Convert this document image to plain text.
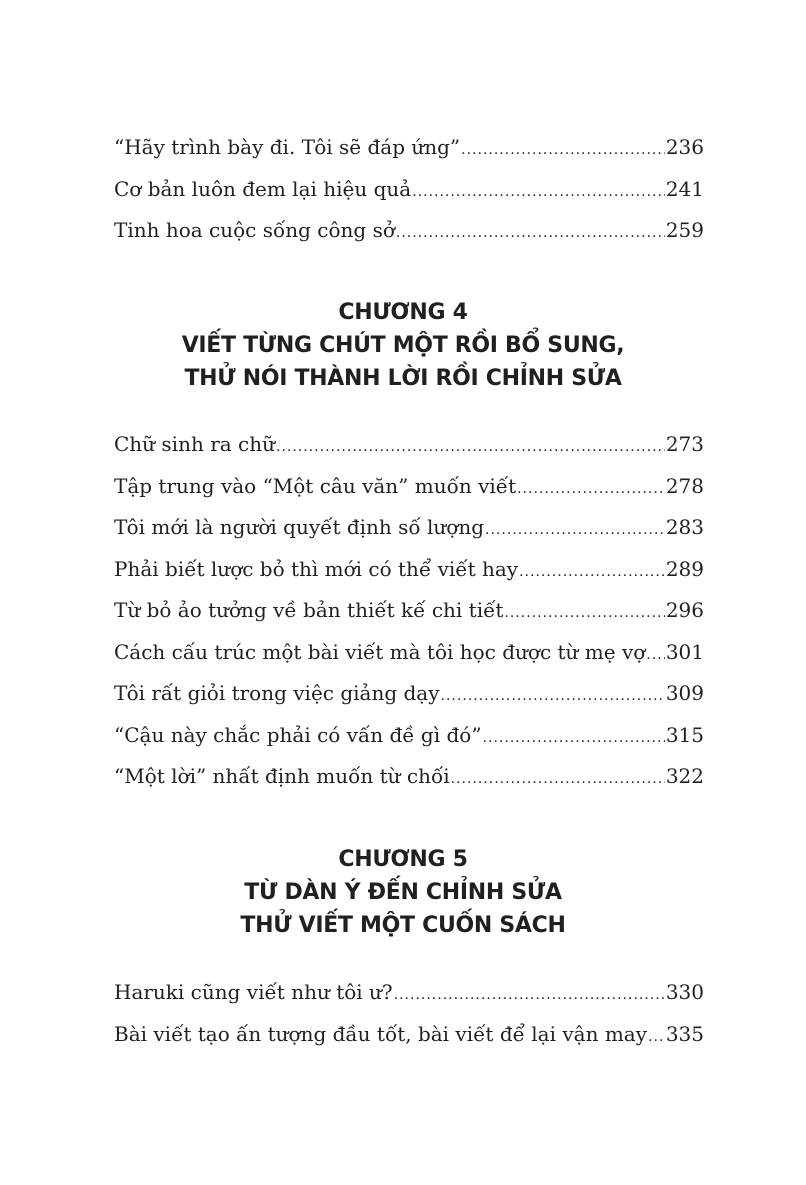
“Hãy trình bày đi. Tôi sẽ đáp ứng” .....	236
Cơ bản luôn đem lại hiệu quả .....	241
Tinh hoa cuộc sống công sở .....	259
CHƯƠNG 4
VIẾT TỪNG CHÚT MỘT RỒI BỔ SUNG,
THỬ NÓI THÀNH LỜI RỒI CHỈNH SỬA
Chữ sinh ra chữ .....	273
Tập trung vào “Một câu văn” muốn viết .....	278
Tôi mới là người quyết định số lượng .....	283
Phải biết lược bỏ thì mới có thể viết hay .....	289
Từ bỏ ảo tưởng về bản thiết kế chi tiết .....	296
Cách cấu trúc một bài viết mà tôi học được từ mẹ vợ ..... 301
Tôi rất giỏi trong việc giảng dạy .....	309
“Cậu này chắc phải có vấn đề gì đó” .....	315
“Một lời” nhất định muốn từ chối .....	322
CHƯƠNG 5
TỪ DÀN Ý ĐẾN CHỈNH SỬA
THỬ VIẾT MỘT CUỐN SÁCH
Haruki cũng viết như tôi ư? .....	330
Bài viết tạo ấn tượng đầu tốt, bài viết để lại vận may ..... 335
